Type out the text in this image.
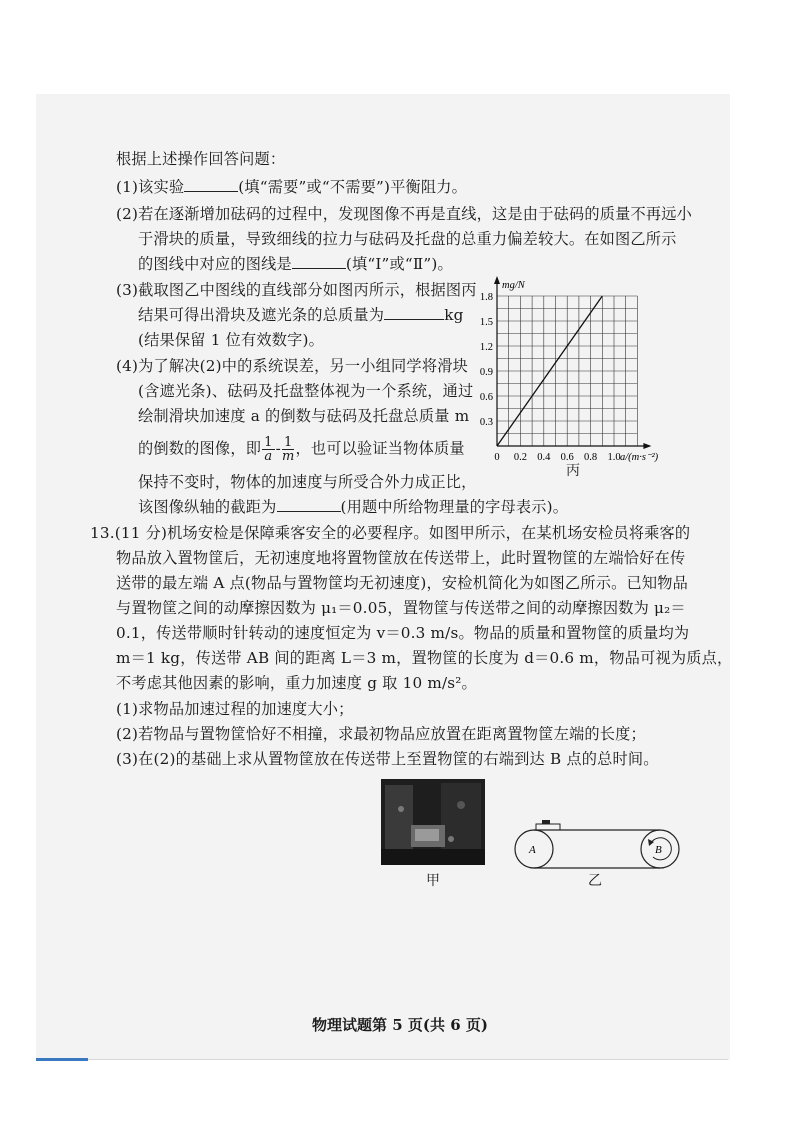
根据上述操作回答问题：
(1)该实验	(填“需要”或“不需要”)平衡阻力。
(2)若在逐渐增加砝码的过程中，发现图像不再是直线，这是由于砝码的质量不再远小
于滑块的质量，导致细线的拉力与砝码及托盘的总重力偏差较大。在如图乙所示
的图线中对应的图线是	(填“Ⅰ”或“Ⅱ”)。
(3)截取图乙中图线的直线部分如图丙所示，根据图丙
结果可得出滑块及遮光条的总质量为	kg
(结果保留 1 位有效数字)。
(4)为了解决(2)中的系统误差，另一小组同学将滑块
(含遮光条)、砝码及托盘整体视为一个系统，通过
绘制滑块加速度 a 的倒数与砝码及托盘总质量 m
的倒数的图像，即 $\frac{1}{a} - \frac{1}{m}$ ，也可以验证当物体质量
保持不变时，物体的加速度与所受合外力成正比，
该图像纵轴的截距为	(用题中所给物理量的字母表示)。
13.(11 分)机场安检是保障乘客安全的必要程序。如图甲所示，在某机场安检员将乘客的
物品放入置物筐后，无初速度地将置物筐放在传送带上，此时置物筐的左端恰好在传
送带的最左端 A 点(物品与置物筐均无初速度)，安检机简化为如图乙所示。已知物品
与置物筐之间的动摩擦因数为 μ₁＝0.05，置物筐与传送带之间的动摩擦因数为 μ₂＝
0.1，传送带顺时针转动的速度恒定为 v＝0.3 m/s。物品的质量和置物筐的质量均为
m＝1 kg，传送带 AB 间的距离 L＝3 m，置物筐的长度为 d＝0.6 m，物品可视为质点，
不考虑其他因素的影响，重力加速度 g 取 10 m/s²。
(1)求物品加速过程的加速度大小；
(2)若物品与置物筐恰好不相撞，求最初物品应放置在距离置物筐左端的长度；
(3)在(2)的基础上求从置物筐放在传送带上至置物筐的右端到达 B 点的总时间。
0 0.2 0.4 0.6 0.8 1.0
0.3
0.6
0.9
1.2
1.5
1.8
a/(m·s⁻²)
mg/N
丙
甲
A	B
乙
物理试题第 5 页(共 6 页)
